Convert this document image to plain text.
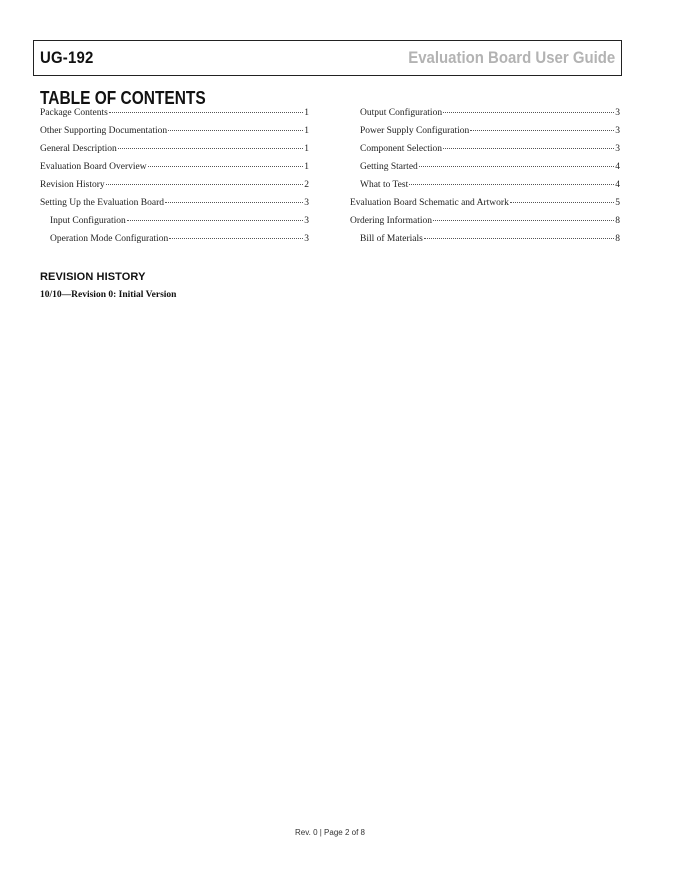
UG-192	Evaluation Board User Guide
TABLE OF CONTENTS
Package Contents	1
Other Supporting Documentation	1
General Description	1
Evaluation Board Overview	1
Revision History	2
Setting Up the Evaluation Board	3
Input Configuration	3
Operation Mode Configuration	3
Output Configuration	3
Power Supply Configuration	3
Component Selection	3
Getting Started	4
What to Test	4
Evaluation Board Schematic and Artwork	5
Ordering Information	8
Bill of Materials	8
REVISION HISTORY
10/10—Revision 0: Initial Version
Rev. 0 | Page 2 of 8
